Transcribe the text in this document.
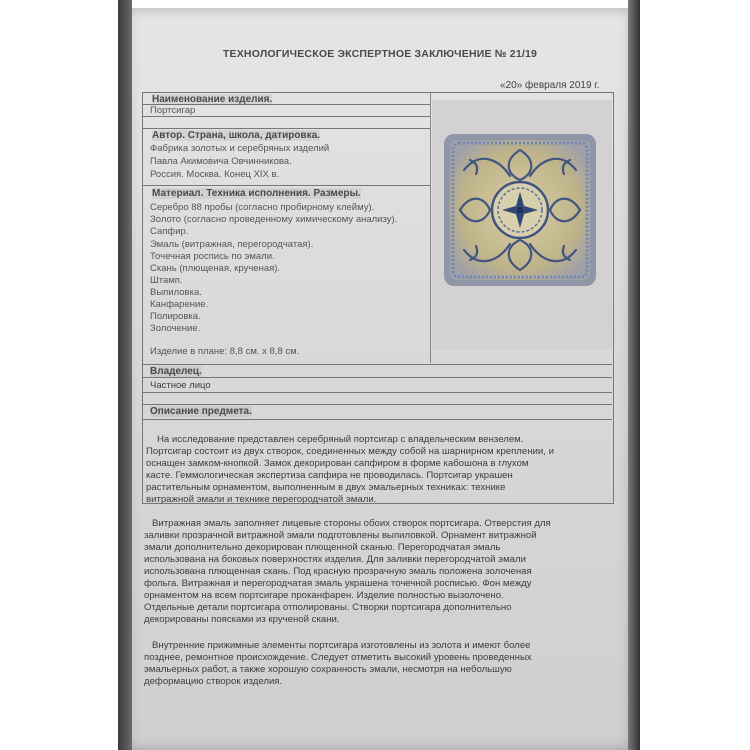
ТЕХНОЛОГИЧЕСКОЕ ЭКСПЕРТНОЕ ЗАКЛЮЧЕНИЕ № 21/19
«20» февраля 2019 г.
Наименование изделия.
Портсигар
Автор. Страна, школа, датировка.
Фабрика золотых и серебряных изделий
Павла Акимовича Овчинникова.
Россия. Москва. Конец XIX в.
Материал. Техника исполнения. Размеры.
Серебро 88 пробы (согласно пробирному клейму).
Золото (согласно проведенному химическому анализу).
Сапфир.
Эмаль (витражная, перегородчатая).
Точечная роспись по эмали.
Скань (плющеная, крученая).
Штамп.
Выпиловка.
Канфарение.
Полировка.
Золочение.
Изделие в плане: 8,8 см. х 8,8 см.
Владелец.
Частное лицо
Описание предмета.
На исследование представлен серебряный портсигар с владельческим вензелем.
Портсигар состоит из двух створок, соединенных между собой на шарнирном креплении, и
оснащен замком-кнопкой. Замок декорирован сапфиром в форме кабошона в глухом
касте. Геммологическая экспертиза сапфира не проводилась. Портсигар украшен
растительным орнаментом, выполненным в двух эмальерных техниках: технике
витражной эмали и технике перегородчатой эмали.
Витражная эмаль заполняет лицевые стороны обоих створок портсигара. Отверстия для
заливки прозрачной витражной эмали подготовлены выпиловкой. Орнамент витражной
эмали дополнительно декорирован плющенной сканью. Перегородчатая эмаль
использована на боковых поверхностях изделия. Для заливки перегородчатой эмали
использована плющенная скань. Под красную прозрачную эмаль положена золоченая
фольга. Витражная и перегородчатая эмаль украшена точечной росписью. Фон между
орнаментом на всем портсигаре проканфарен. Изделие полностью вызолочено.
Отдельные детали портсигара отполированы. Створки портсигара дополнительно
декорированы поясками из крученой скани.
Внутренние прижимные элементы портсигара изготовлены из золота и имеют более
позднее, ремонтное происхождение. Следует отметить высокий уровень проведенных
эмальерных работ, а также хорошую сохранность эмали, несмотря на небольшую
деформацию створок изделия.
